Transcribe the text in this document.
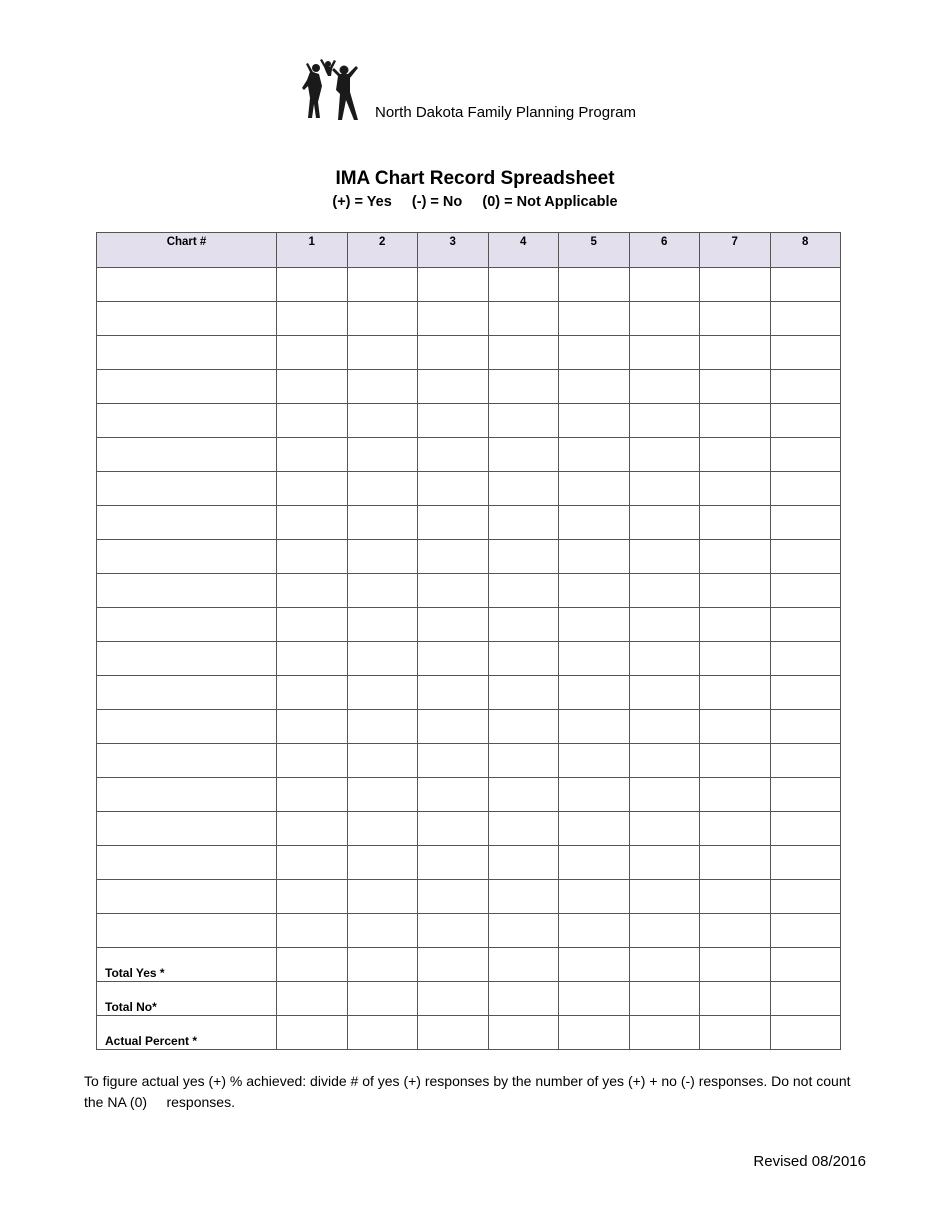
North Dakota Family Planning Program
IMA Chart Record Spreadsheet
(+) = Yes     (-) = No     (0) = Not Applicable
Chart #	1	2	3	4	5	6	7	8

Total Yes *								
Total No*								
Actual Percent *								
To figure actual yes (+) % achieved: divide # of yes (+) responses by the number of yes (+) + no (-) responses. Do not count the NA (0)     responses.
Revised 08/2016
